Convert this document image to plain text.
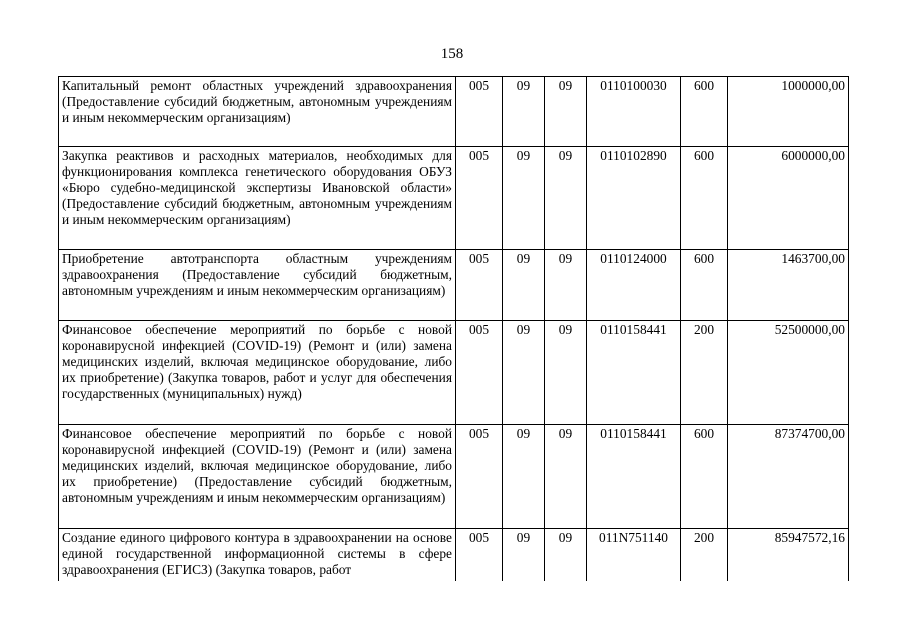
158
Капитальный ремонт областных учреждений здравоохранения (Предоставление субсидий бюджетным, автономным учреждениям и иным некоммерческим организациям)	005	09	09	0110100030	600	1000000,00
Закупка реактивов и расходных материалов, необходимых для функционирования комплекса генетического оборудования ОБУЗ «Бюро судебно-медицинской экспертизы Ивановской области» (Предоставление субсидий бюджетным, автономным учреждениям и иным некоммерческим организациям)	005	09	09	0110102890	600	6000000,00
Приобретение автотранспорта областным учреждениям здравоохранения (Предоставление субсидий бюджетным, автономным учреждениям и иным некоммерческим организациям)	005	09	09	0110124000	600	1463700,00
Финансовое обеспечение мероприятий по борьбе с новой коронавирусной инфекцией (COVID-19) (Ремонт и (или) замена медицинских изделий, включая медицинское оборудование, либо их приобретение) (Закупка товаров, работ и услуг для обеспечения государственных (муниципальных) нужд)	005	09	09	0110158441	200	52500000,00
Финансовое обеспечение мероприятий по борьбе с новой коронавирусной инфекцией (COVID-19) (Ремонт и (или) замена медицинских изделий, включая медицинское оборудование, либо их приобретение) (Предоставление субсидий бюджетным, автономным учреждениям и иным некоммерческим организациям)	005	09	09	0110158441	600	87374700,00
Создание единого цифрового контура в здравоохранении на основе единой государственной информационной системы в сфере здравоохранения (ЕГИСЗ) (Закупка товаров, работ	005	09	09	011N751140	200	85947572,16
